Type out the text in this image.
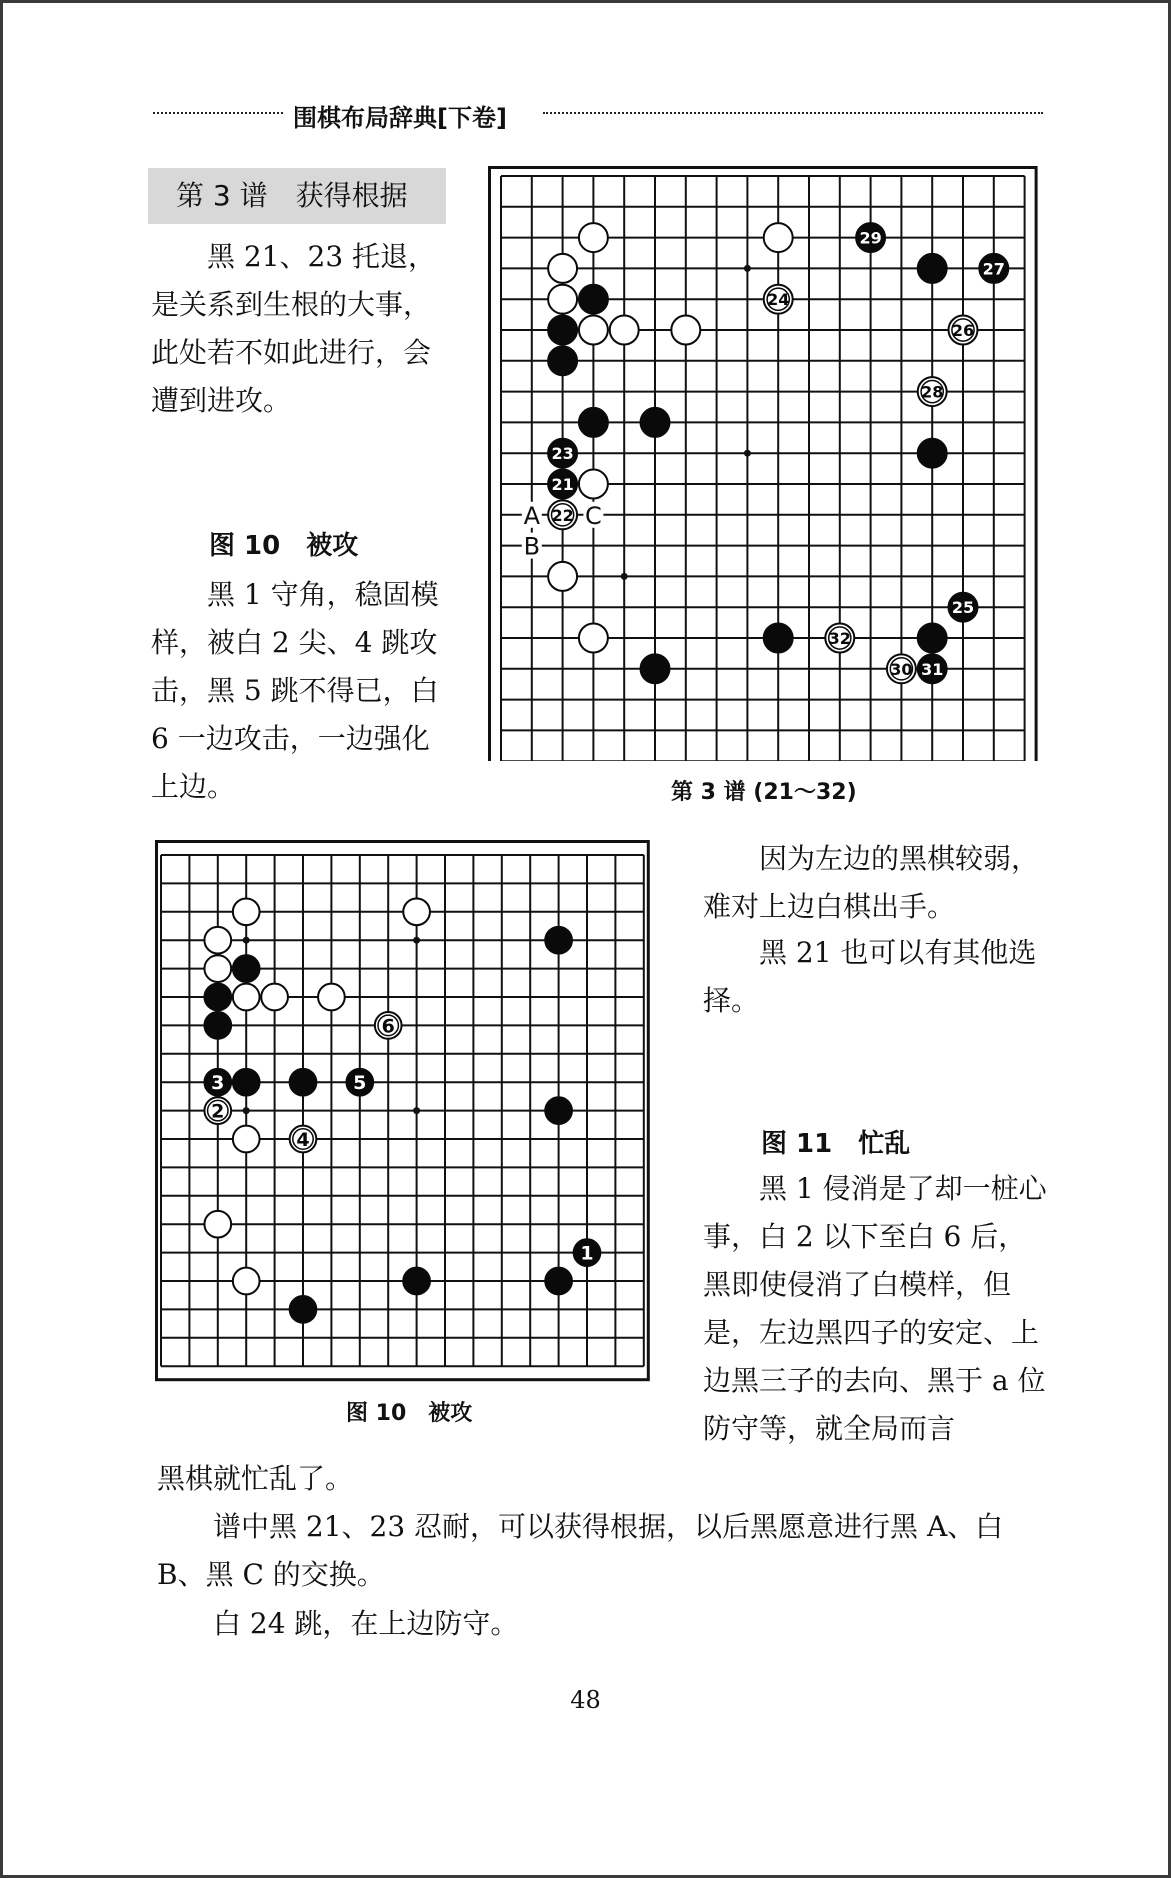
围棋布局辞典[下卷]
第 3 谱　获得根据

黑 21、23 托退，是关系到生根的大事，此处若不如此进行，会遭到进攻。

图 10　被攻

黑 1 守角，稳固模样，被白 2 尖、4 跳攻击，黑 5 跳不得已，白 6 一边攻击，一边强化上边。

A C
B
29
27
24
26
28
23
21
22
25
32
30 31
第 3 谱 (21～32)
6
3	5
2
4
1
图 10　被攻

因为左边的黑棋较弱，难对上边白棋出手。

黑 21 也可以有其他选择。

图 11　忙乱

黑 1 侵消是了却一桩心事，白 2 以下至白 6 后，黑即使侵消了白模样，但是，左边黑四子的安定、上边黑三子的去向、黑于 a 位防守等，就全局而言

黑棋就忙乱了。

谱中黑 21、23 忍耐，可以获得根据，以后黑愿意进行黑 A、白 B、黑 C 的交换。

白 24 跳，在上边防守。

48
